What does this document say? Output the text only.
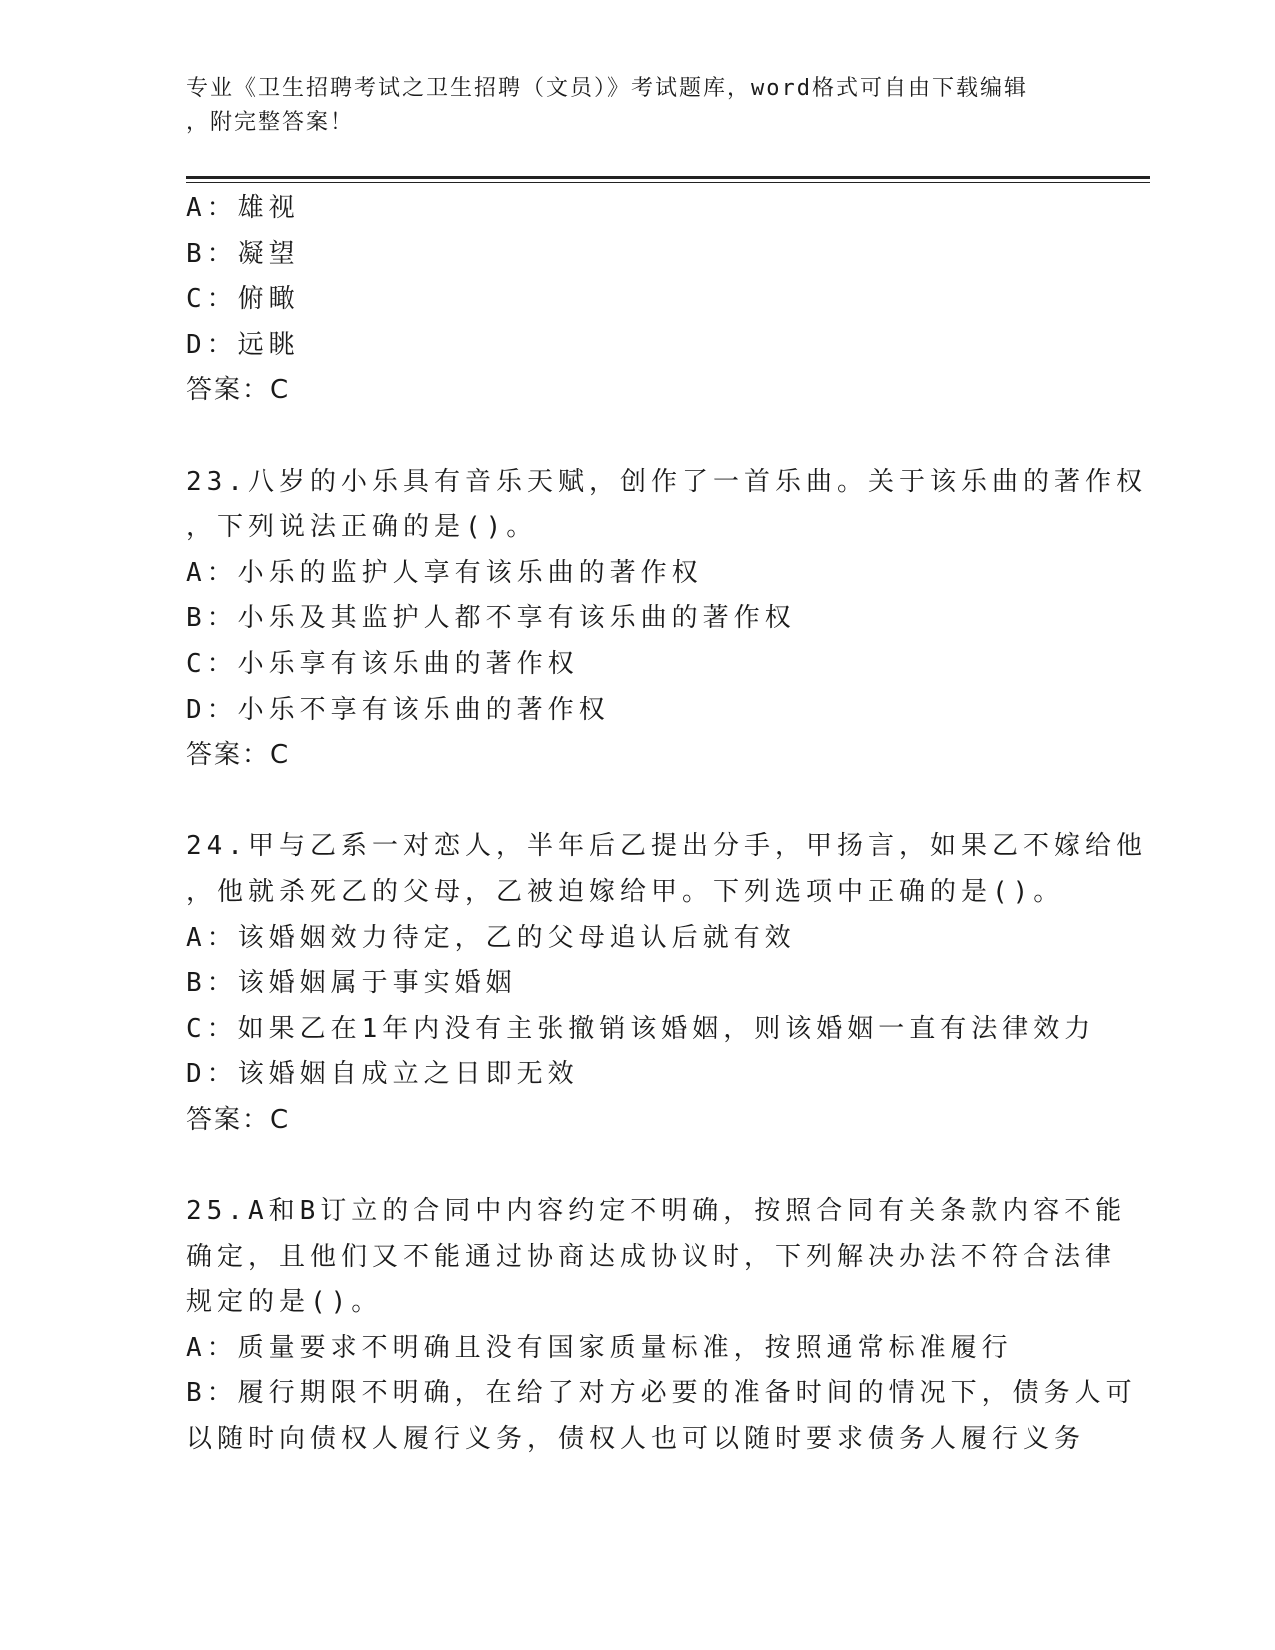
专业《卫生招聘考试之卫生招聘（文员）》考试题库，word格式可自由下载编辑
，附完整答案！

A：雄视

B：凝望

C：俯瞰

D：远眺

答案：C

23.八岁的小乐具有音乐天赋，创作了一首乐曲。关于该乐曲的著作权

，下列说法正确的是()。

A：小乐的监护人享有该乐曲的著作权

B：小乐及其监护人都不享有该乐曲的著作权

C：小乐享有该乐曲的著作权

D：小乐不享有该乐曲的著作权

答案：C

24.甲与乙系一对恋人，半年后乙提出分手，甲扬言，如果乙不嫁给他

，他就杀死乙的父母，乙被迫嫁给甲。下列选项中正确的是()。

A：该婚姻效力待定，乙的父母追认后就有效

B：该婚姻属于事实婚姻

C：如果乙在1年内没有主张撤销该婚姻，则该婚姻一直有法律效力

D：该婚姻自成立之日即无效

答案：C

25.A和B订立的合同中内容约定不明确，按照合同有关条款内容不能

确定，且他们又不能通过协商达成协议时，下列解决办法不符合法律

规定的是()。

A：质量要求不明确且没有国家质量标准，按照通常标准履行

B：履行期限不明确，在给了对方必要的准备时间的情况下，债务人可

以随时向债权人履行义务，债权人也可以随时要求债务人履行义务
